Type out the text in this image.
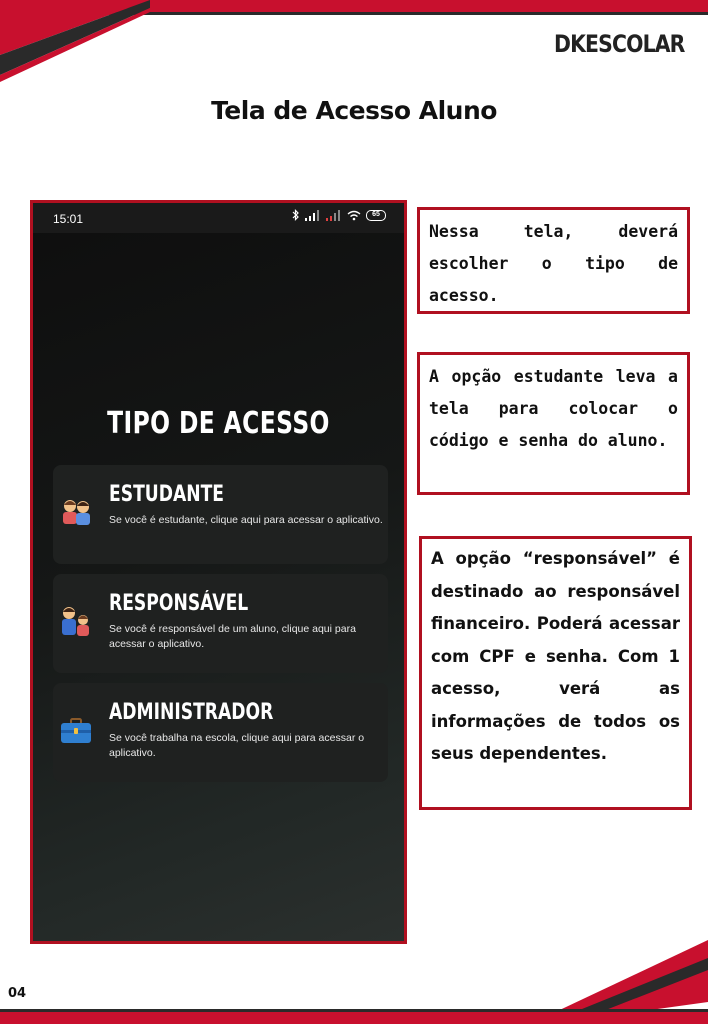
DKESCOLAR
Tela de Acesso Aluno
15:01	65
TIPO DE ACESSO
ESTUDANTE
Se você é estudante, clique aqui para acessar o aplicativo.
RESPONSÁVEL
Se você é responsável de um aluno, clique aqui para acessar o aplicativo.
ADMINISTRADOR
Se você trabalha na escola, clique aqui para acessar o aplicativo.
Nessa tela, deverá escolher o tipo de acesso.
A opção estudante leva a tela para colocar o código e senha do aluno.
A opção “responsável” é destinado ao responsável financeiro. Poderá acessar com CPF e senha. Com 1 acesso, verá as informações de todos os seus dependentes.
04
